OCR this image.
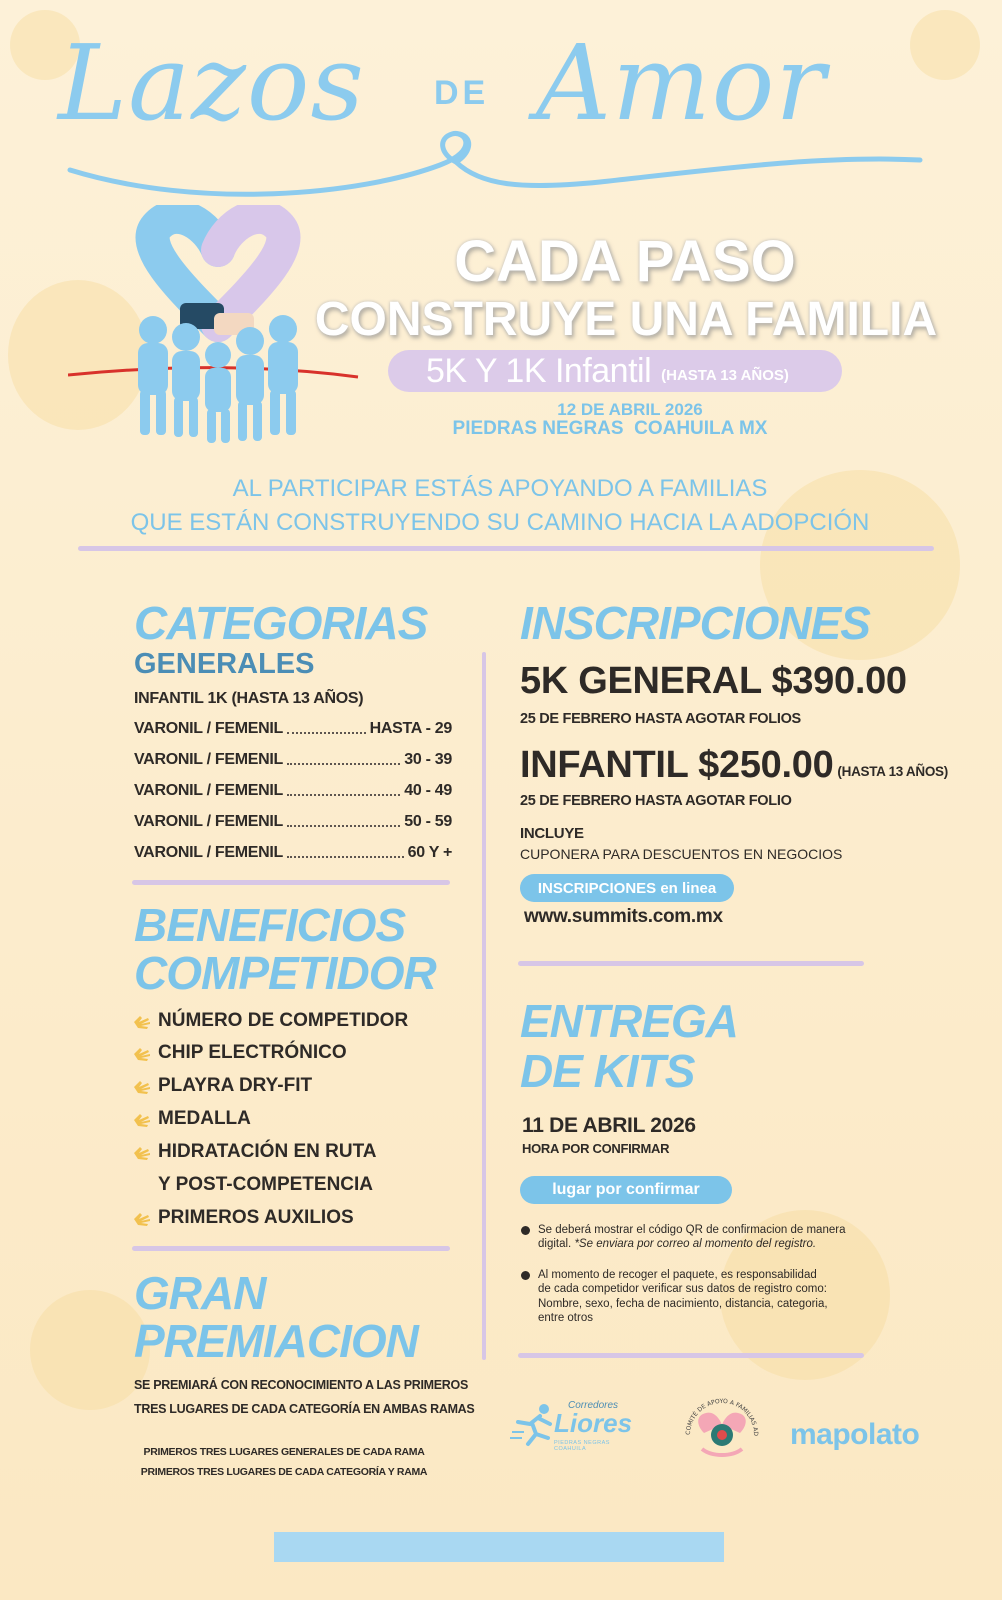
Lazos DE Amor
CADA PASO
CONSTRUYE UNA FAMILIA
5K Y 1K Infantil (HASTA 13 AÑOS)
12 DE ABRIL 2026
PIEDRAS NEGRAS  COAHUILA MX
AL PARTICIPAR ESTÁS APOYANDO A FAMILIAS
QUE ESTÁN CONSTRUYENDO SU CAMINO HACIA LA ADOPCIÓN
CATEGORIAS
GENERALES
INFANTIL 1K (HASTA 13 AÑOS)
VARONIL / FEMENIL	HASTA - 29
VARONIL / FEMENIL	30 - 39
VARONIL / FEMENIL	40 - 49
VARONIL / FEMENIL	50 - 59
VARONIL / FEMENIL	60 Y +
BENEFICIOS
COMPETIDOR
NÚMERO DE COMPETIDOR
CHIP ELECTRÓNICO
PLAYRA DRY-FIT
MEDALLA
HIDRATACIÓN EN RUTA
Y POST-COMPETENCIA
PRIMEROS AUXILIOS
GRAN
PREMIACION
SE PREMIARÁ CON RECONOCIMIENTO A LAS PRIMEROS
TRES LUGARES DE CADA CATEGORÍA EN AMBAS RAMAS
PRIMEROS TRES LUGARES GENERALES DE CADA RAMA
PRIMEROS TRES LUGARES DE CADA CATEGORÍA Y RAMA
INSCRIPCIONES
5K GENERAL $390.00
25 DE FEBRERO HASTA AGOTAR FOLIOS
INFANTIL $250.00 (HASTA 13 AÑOS)
25 DE FEBRERO HASTA AGOTAR FOLIO
INCLUYE
CUPONERA PARA DESCUENTOS EN NEGOCIOS
INSCRIPCIONES en linea
www.summits.com.mx
ENTREGA
DE KITS
11 DE ABRIL 2026
HORA POR CONFIRMAR
lugar por confirmar
Se deberá mostrar el código QR de confirmacion de manera
digital. *Se enviara por correo al momento del registro.
Al momento de recoger el paquete, es responsabilidad
de cada competidor verificar sus datos de registro como:
Nombre, sexo, fecha de nacimiento, distancia, categoria,
entre otros
Corredores
Liores
PIEDRAS NEGRAS COAHUILA
COMITÉ DE APOYO A FAMILIAS AD mapolato
